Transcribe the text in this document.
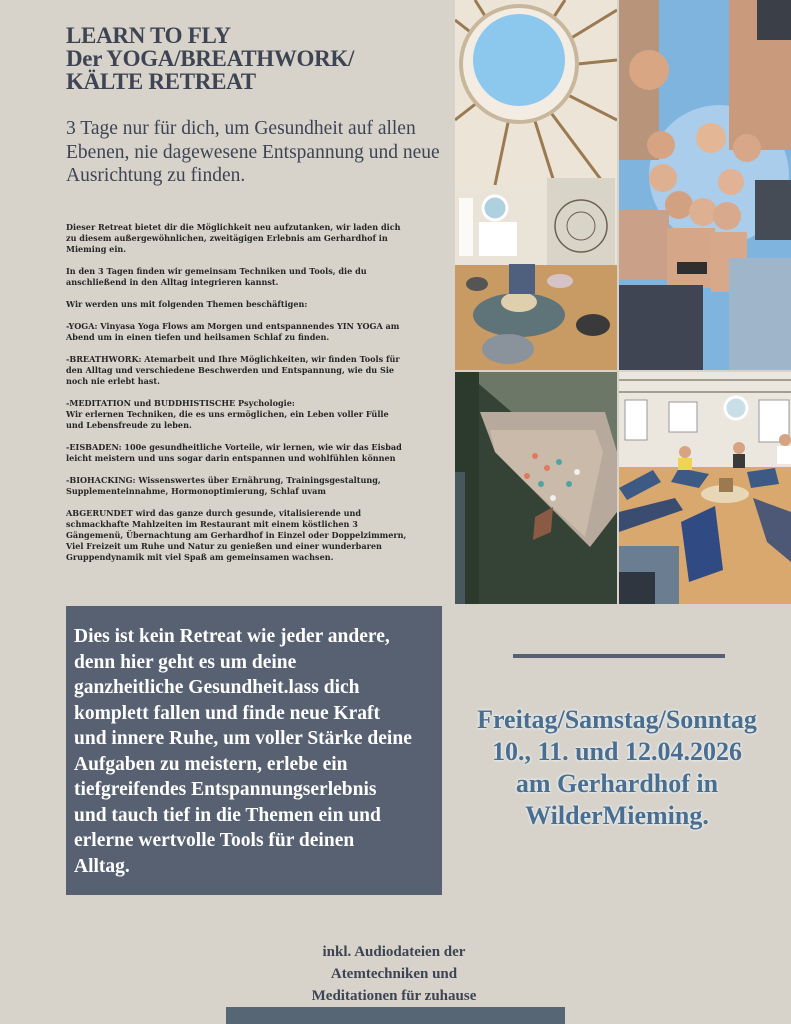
LEARN TO FLY
Der YOGA/BREATHWORK/
KÄLTE RETREAT
3 Tage nur für dich, um Gesundheit auf allen Ebenen, nie dagewesene Entspannung und neue Ausrichtung zu finden.

Dieser Retreat bietet dir die Möglichkeit neu aufzutanken, wir laden dich
zu diesem außergewöhnlichen, zweitägigen Erlebnis am Gerhardhof in
Mieming ein.

In den 3 Tagen finden wir gemeinsam Techniken und Tools, die du
anschließend in den Alltag integrieren kannst.

Wir werden uns mit folgenden Themen beschäftigen:

-YOGA: Vinyasa Yoga Flows am Morgen und entspannendes YIN YOGA am
Abend um in einen tiefen und heilsamen Schlaf zu finden.

-BREATHWORK: Atemarbeit und Ihre Möglichkeiten, wir finden Tools für
den Alltag und verschiedene Beschwerden und Entspannung, wie du Sie
noch nie erlebt hast.

-MEDITATION und BUDDHISTISCHE Psychologie:
Wir erlernen Techniken, die es uns ermöglichen, ein Leben voller Fülle
und Lebensfreude zu leben.

-EISBADEN: 100e gesundheitliche Vorteile, wir lernen, wie wir das Eisbad
leicht meistern und uns sogar darin entspannen und wohlfühlen können

-BIOHACKING: Wissenswertes über Ernährung, Trainingsgestaltung,
Supplementeinnahme, Hormonoptimierung, Schlaf uvam

ABGERUNDET wird das ganze durch gesunde, vitalisierende und
schmackhafte Mahlzeiten im Restaurant mit einem köstlichen 3
Gängemenü, Übernachtung am Gerhardhof in Einzel oder Doppelzimmern,
Viel Freizeit um Ruhe und Natur zu genießen und einer wunderbaren
Gruppendynamik mit viel Spaß am gemeinsamen wachsen.

Dies ist kein Retreat wie jeder andere,
denn hier geht es um deine
ganzheitliche Gesundheit.lass dich
komplett fallen und finde neue Kraft
und innere Ruhe, um voller Stärke deine
Aufgaben zu meistern, erlebe ein
tiefgreifendes Entspannungserlebnis
und tauch tief in die Themen ein und
erlerne wertvolle Tools für deinen
Alltag.
Freitag/Samstag/Sonntag
10., 11. und 12.04.2026
am Gerhardhof in
WilderMieming.
inkl. Audiodateien der
Atemtechniken und
Meditationen für zuhause
